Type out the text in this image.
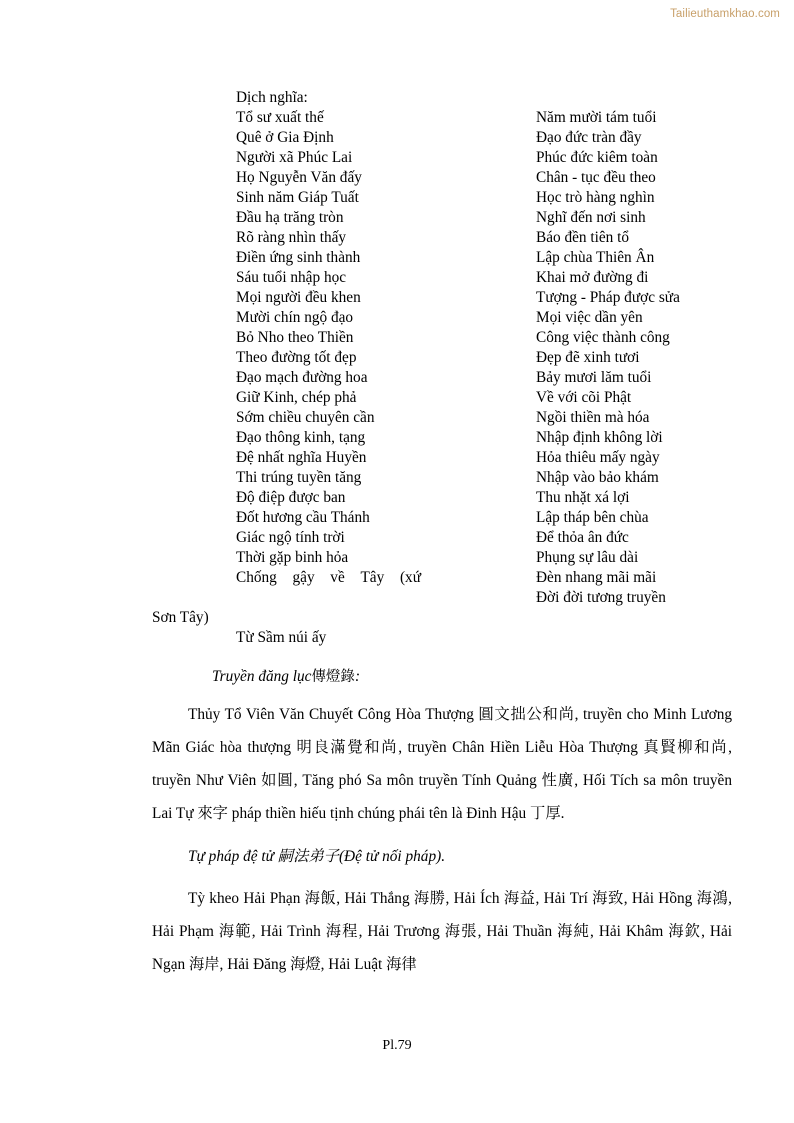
Tailieuthamkhao.com
Dịch nghĩa:
Tổ sư xuất thế
Quê ở Gia Định
Người xã Phúc Lai
Họ Nguyễn Văn đấy
Sinh năm Giáp Tuất
Đầu hạ trăng tròn
Rõ ràng nhìn thấy
Điền ứng sinh thành
Sáu tuổi nhập học
Mọi người đều khen
Mười chín ngộ đạo
Bỏ Nho theo Thiền
Theo đường tốt đẹp
Đạo mạch đường hoa
Giữ Kinh, chép phả
Sớm chiều chuyên cần
Đạo thông kinh, tạng
Đệ nhất nghĩa Huyền
Thi trúng tuyền tăng
Độ điệp được ban
Đốt hương cầu Thánh
Giác ngộ tính trời
Thời gặp binh hỏa
Chống gậy về Tây (xứ
Sơn Tây)
Năm mười tám tuổi
Đạo đức tràn đầy
Phúc đức kiêm toàn
Chân - tục đều theo
Học trò hàng nghìn
Nghĩ đến nơi sinh
Báo đền tiên tổ
Lập chùa Thiên Ân
Khai mở đường đi
Tượng - Pháp được sửa
Mọi việc dần yên
Công việc thành công
Đẹp đẽ xinh tươi
Bảy mươi lăm tuổi
Về với cõi Phật
Ngồi thiền mà hóa
Nhập định không lời
Hỏa thiêu mấy ngày
Nhập vào bảo khám
Thu nhặt xá lợi
Lập tháp bên chùa
Để thỏa ân đức
Phụng sự lâu dài
Đèn nhang mãi mãi
Đời đời tương truyền
Từ Sầm núi ấy
Truyền đăng lục傳燈錄:
Thủy Tổ Viên Văn Chuyết Công Hòa Thượng 圓文拙公和尚, truyền cho Minh Lương Mãn Giác hòa thượng 明良滿覺和尚, truyền Chân Hiền Liễu Hòa Thượng 真賢柳和尚, truyền Như Viên 如圓, Tăng phó Sa môn truyền Tính Quảng 性廣, Hối Tích sa môn truyền Lai Tự 來字 pháp thiền hiếu tịnh chúng phái tên là Đinh Hậu 丁厚.
Tự pháp đệ tử 嗣法弟子(Đệ tử nối pháp).
Tỳ kheo Hải Phạn 海飯, Hải Thắng 海勝, Hải Ích 海益, Hải Trí 海致, Hải Hồng 海鴻, Hải Phạm 海範, Hải Trình 海程, Hải Trương 海張, Hải Thuần 海純, Hải Khâm 海欽, Hải Ngạn 海岸, Hải Đăng 海燈, Hải Luật 海律
Pl.79
